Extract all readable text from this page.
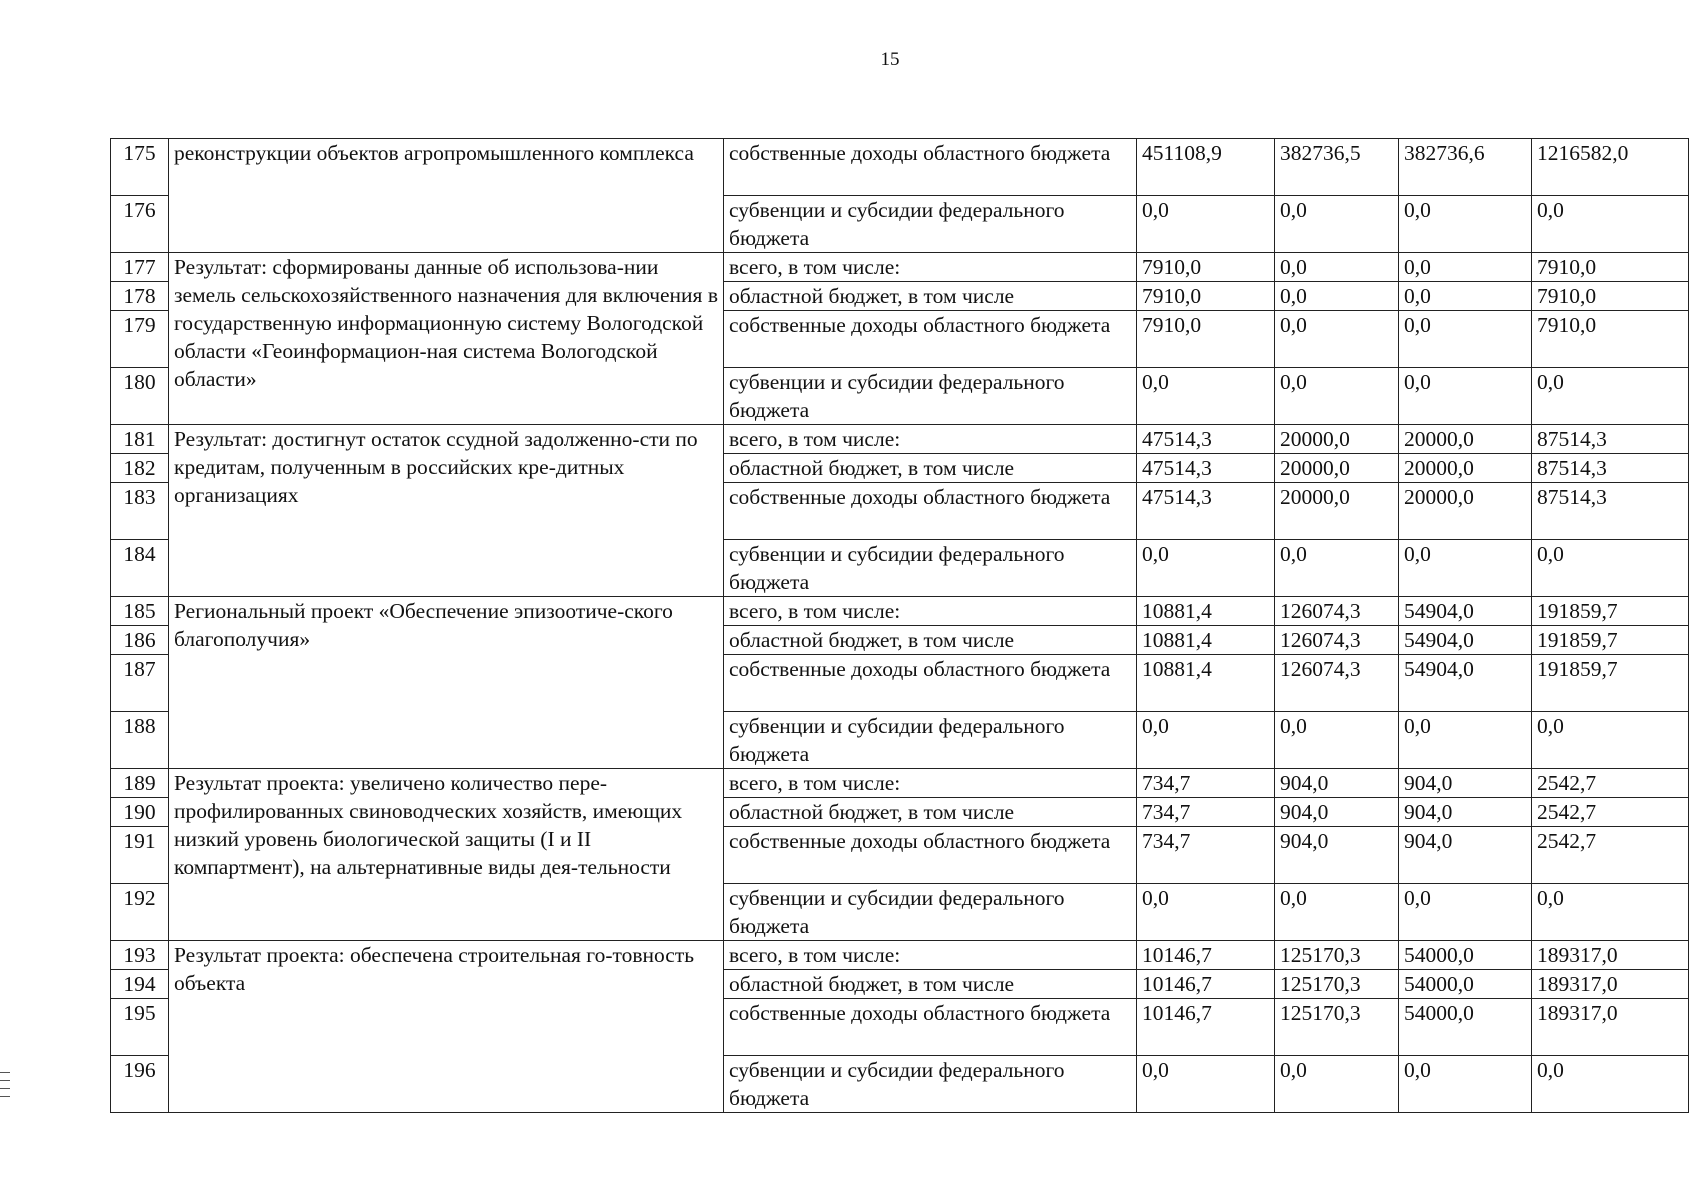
15
175	реконструкции объектов агропромышленного комплекса	собственные доходы областного бюджета	451108,9	382736,5	382736,6	1216582,0
176		субвенции и субсидии федерального бюджета	0,0	0,0	0,0	0,0
177	Результат: сформированы данные об использова-нии земель сельскохозяйственного назначения для включения в государственную информационную систему Вологодской области «Геоинформацион-ная система Вологодской области»	всего, в том числе:	7910,0	0,0	0,0	7910,0
178		областной бюджет, в том числе	7910,0	0,0	0,0	7910,0
179		собственные доходы областного бюджета	7910,0	0,0	0,0	7910,0
180		субвенции и субсидии федерального бюджета	0,0	0,0	0,0	0,0
181	Результат: достигнут остаток ссудной задолженно-сти по кредитам, полученным в российских кре-дитных организациях	всего, в том числе:	47514,3	20000,0	20000,0	87514,3
182		областной бюджет, в том числе	47514,3	20000,0	20000,0	87514,3
183		собственные доходы областного бюджета	47514,3	20000,0	20000,0	87514,3
184		субвенции и субсидии федерального бюджета	0,0	0,0	0,0	0,0
185	Региональный проект «Обеспечение эпизоотиче-ского благополучия»	всего, в том числе:	10881,4	126074,3	54904,0	191859,7
186		областной бюджет, в том числе	10881,4	126074,3	54904,0	191859,7
187		собственные доходы областного бюджета	10881,4	126074,3	54904,0	191859,7
188		субвенции и субсидии федерального бюджета	0,0	0,0	0,0	0,0
189	Результат проекта: увеличено количество пере-профилированных свиноводческих хозяйств, имеющих низкий уровень биологической защиты (I и II компартмент), на альтернативные виды дея-тельности	всего, в том числе:	734,7	904,0	904,0	2542,7
190		областной бюджет, в том числе	734,7	904,0	904,0	2542,7
191		собственные доходы областного бюджета	734,7	904,0	904,0	2542,7
192		субвенции и субсидии федерального бюджета	0,0	0,0	0,0	0,0
193	Результат проекта: обеспечена строительная го-товность объекта	всего, в том числе:	10146,7	125170,3	54000,0	189317,0
194		областной бюджет, в том числе	10146,7	125170,3	54000,0	189317,0
195		собственные доходы областного бюджета	10146,7	125170,3	54000,0	189317,0
196		субвенции и субсидии федерального бюджета	0,0	0,0	0,0	0,0
